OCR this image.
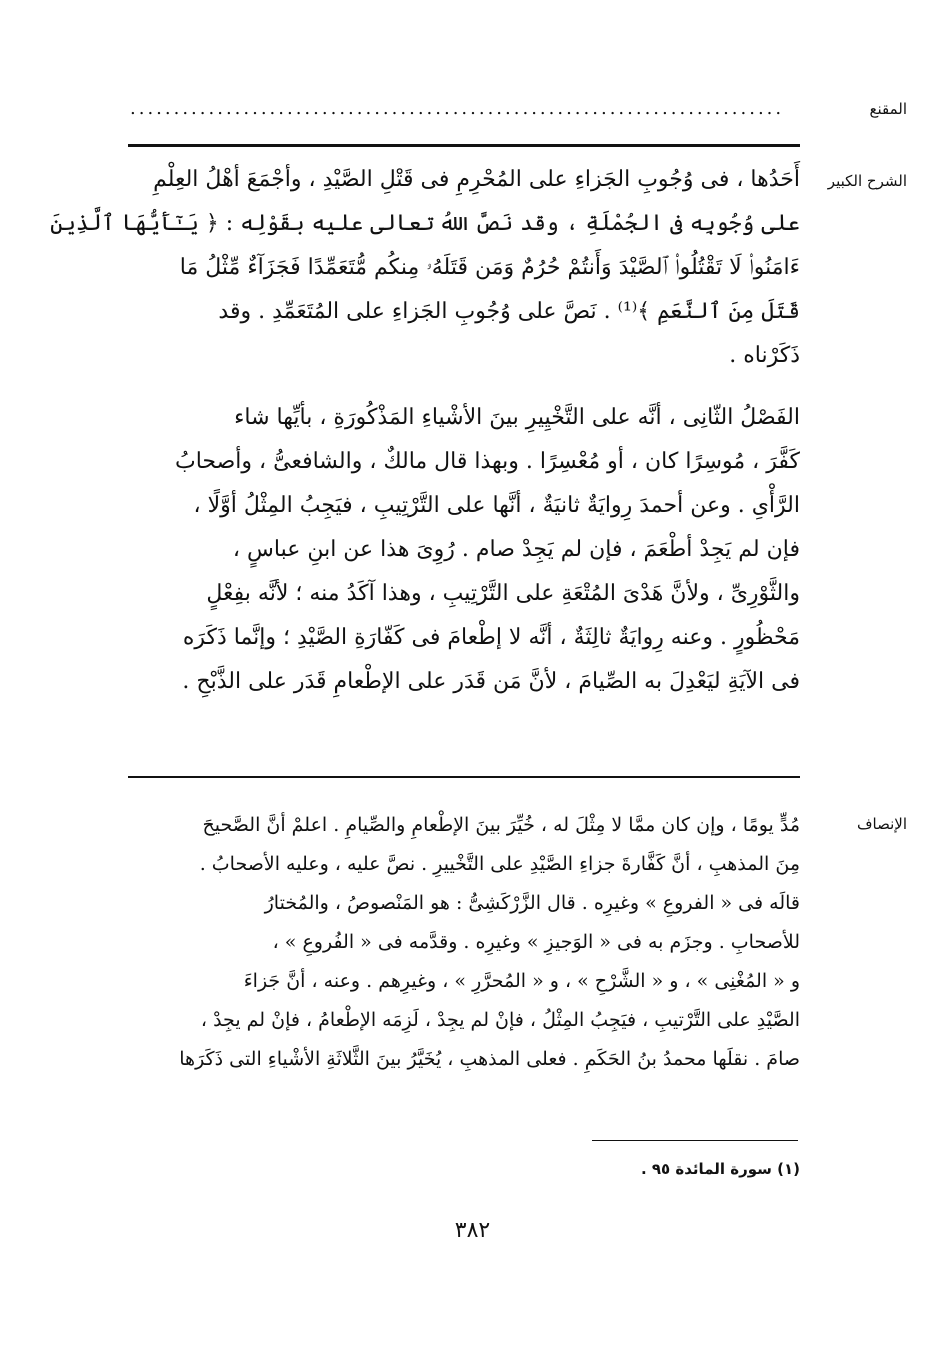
المقنع
...........................................................................
الشرح الكبير
أَحَدُها ، فى وُجُوبِ الجَزاءِ على المُحْرِمِ فى قَتْلِ الصَّيْدِ ، وأجْمَعَ أهْلُ العِلْمِ
على وُجُوبِه فى الجُمْلَةِ ، وقد نَصَّ اللهُ تعالى عليه بقَوْلِه : ﴿ يَـٰٓأَيُّهَا ٱلَّذِينَ
ءَامَنُوا۟ لَا تَقْتُلُوا۟ ٱلصَّيْدَ وَأَنتُمْ حُرُمٌ وَمَن قَتَلَهُۥ مِنكُم مُّتَعَمِّدًا فَجَزَآءٌ مِّثْلُ مَا
قَتَلَ مِنَ ٱلنَّعَمِ ﴾⁽¹⁾ . نَصَّ على وُجُوبِ الجَزاءِ على المُتَعَمِّدِ . وقد
ذَكَرْناه .
الفَصْلُ الثّانِى ، أنَّه على التَّخْيِيرِ بينَ الأشْياءِ المَذْكُورَةِ ، بأيِّها شاء
كَفَّرَ ، مُوسِرًا كان ، أو مُعْسِرًا . وبهذا قال مالكٌ ، والشافعىُّ ، وأصحابُ
الرَّأْىِ . وعن أحمدَ رِوايَةٌ ثانيَةٌ ، أنَّها على التَّرْتِيبِ ، فيَجِبُ المِثْلُ أوَّلًا ،
فإن لم يَجِدْ أطْعَمَ ، فإن لم يَجِدْ صام . رُوِىَ هذا عن ابنِ عباسٍ ،
والثَّوْرِىِّ ، ولأنَّ هَدْىَ المُتْعَةِ على التَّرْتِيبِ ، وهذا آكَدُ منه ؛ لأنَّه بفِعْلٍ
مَحْظُورٍ . وعنه رِوايَةٌ ثالِثَةٌ ، أنَّه لا إطْعامَ فى كَفّارَةِ الصَّيْدِ ؛ وإنَّما ذَكَرَه
فى الآيَةِ ليَعْدِلَ به الصِّيامَ ، لأنَّ مَن قَدَر على الإطْعامِ قَدَر على الذَّبْحِ .
الإنصاف
مُدٍّ يومًا ، وإن كان ممَّا لا مِثْلَ له ، خُيِّرَ بينَ الإطْعامِ والصِّيامِ . اعلمْ أنَّ الصَّحيحَ
مِنَ المذهبِ ، أنَّ كَفَّارةَ جزاءِ الصَّيْدِ على التَّخْييرِ . نصَّ عليه ، وعليه الأصحابُ .
قالَه فى « الفروعِ » وغيرِه . قال الزَّرْكَشِىُّ : هو المَنْصوصُ ، والمُختارُ
للأصحابِ . وجزَم به فى « الوَجيزِ » وغيرِه . وقدَّمه فى « الفُروعِ » ،
و « المُغْنِى » ، و « الشَّرْحِ » ، و « المُحرَّرِ » ، وغيرِهم . وعنه ، أنَّ جَزاءَ
الصَّيْدِ على التَّرْتيبِ ، فيَجِبُ المِثْلُ ، فإنْ لم يجِدْ ، لَزِمَه الإطْعامُ ، فإنْ لم يجِدْ ،
صامَ . نقلَها محمدُ بنُ الحَكَمِ . فعلى المذهبِ ، يُخَيَّرُ بينَ الثَّلاثَةِ الأشْياءِ التى ذَكَرَها
(١) سورة المائدة ٩٥ .
٣٨٢
